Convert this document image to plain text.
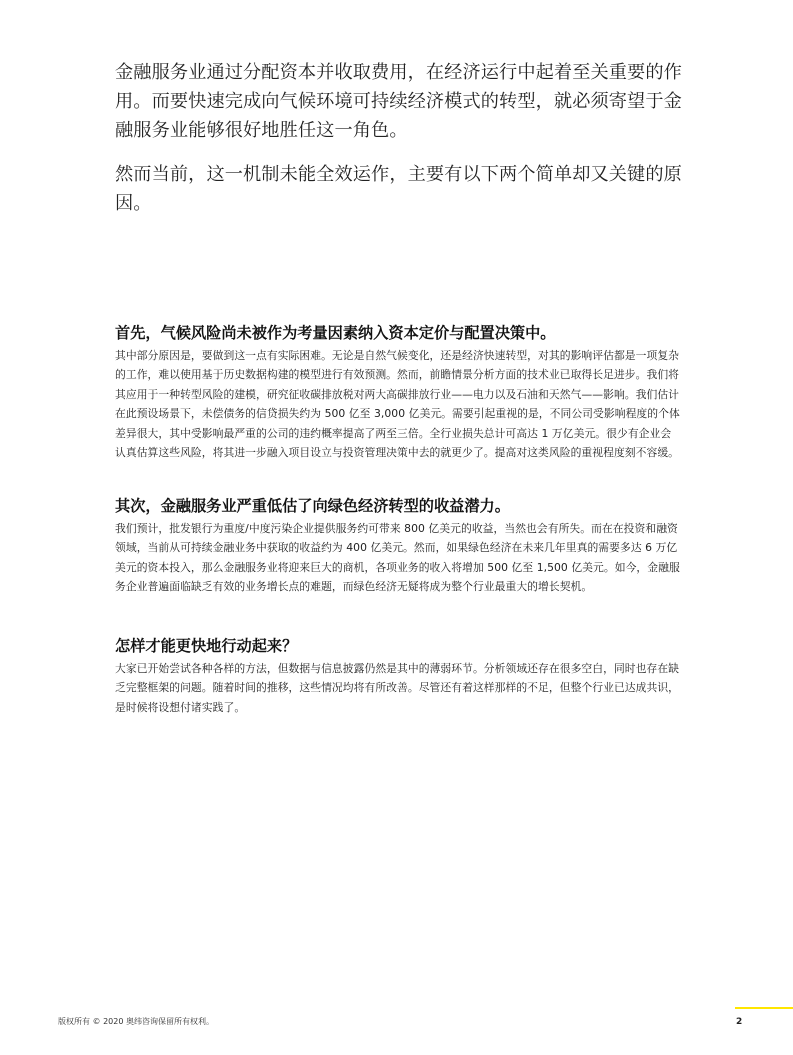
金融服务业通过分配资本并收取费用，在经济运行中起着至关重要的作用。而要快速完成向气候环境可持续经济模式的转型，就必须寄望于金融服务业能够很好地胜任这一角色。

然而当前，这一机制未能全效运作，主要有以下两个简单却又关键的原因。

首先，气候风险尚未被作为考量因素纳入资本定价与配置决策中。

其中部分原因是，要做到这一点有实际困难。无论是自然气候变化，还是经济快速转型，对其的影响评估都是一项复杂的工作，难以使用基于历史数据构建的模型进行有效预测。然而，前瞻情景分析方面的技术业已取得长足进步。我们将其应用于一种转型风险的建模，研究征收碳排放税对两大高碳排放行业——电力以及石油和天然气——影响。我们估计在此预设场景下，未偿债务的信贷损失约为 500 亿至 3,000 亿美元。需要引起重视的是，不同公司受影响程度的个体差异很大，其中受影响最严重的公司的违约概率提高了两至三倍。全行业损失总计可高达 1 万亿美元。很少有企业会认真估算这些风险，将其进一步融入项目设立与投资管理决策中去的就更少了。提高对这类风险的重视程度刻不容缓。

其次，金融服务业严重低估了向绿色经济转型的收益潜力。

我们预计，批发银行为重度/中度污染企业提供服务约可带来 800 亿美元的收益，当然也会有所失。而在在投资和融资领域，当前从可持续金融业务中获取的收益约为 400 亿美元。然而，如果绿色经济在未来几年里真的需要多达 6 万亿美元的资本投入，那么金融服务业将迎来巨大的商机，各项业务的收入将增加 500 亿至 1,500 亿美元。如今，金融服务企业普遍面临缺乏有效的业务增长点的难题，而绿色经济无疑将成为整个行业最重大的增长契机。

怎样才能更快地行动起来？

大家已开始尝试各种各样的方法，但数据与信息披露仍然是其中的薄弱环节。分析领域还存在很多空白，同时也存在缺乏完整框架的问题。随着时间的推移，这些情况均将有所改善。尽管还有着这样那样的不足，但整个行业已达成共识，是时候将设想付诸实践了。

版权所有 © 2020 奥纬咨询保留所有权利。	2
